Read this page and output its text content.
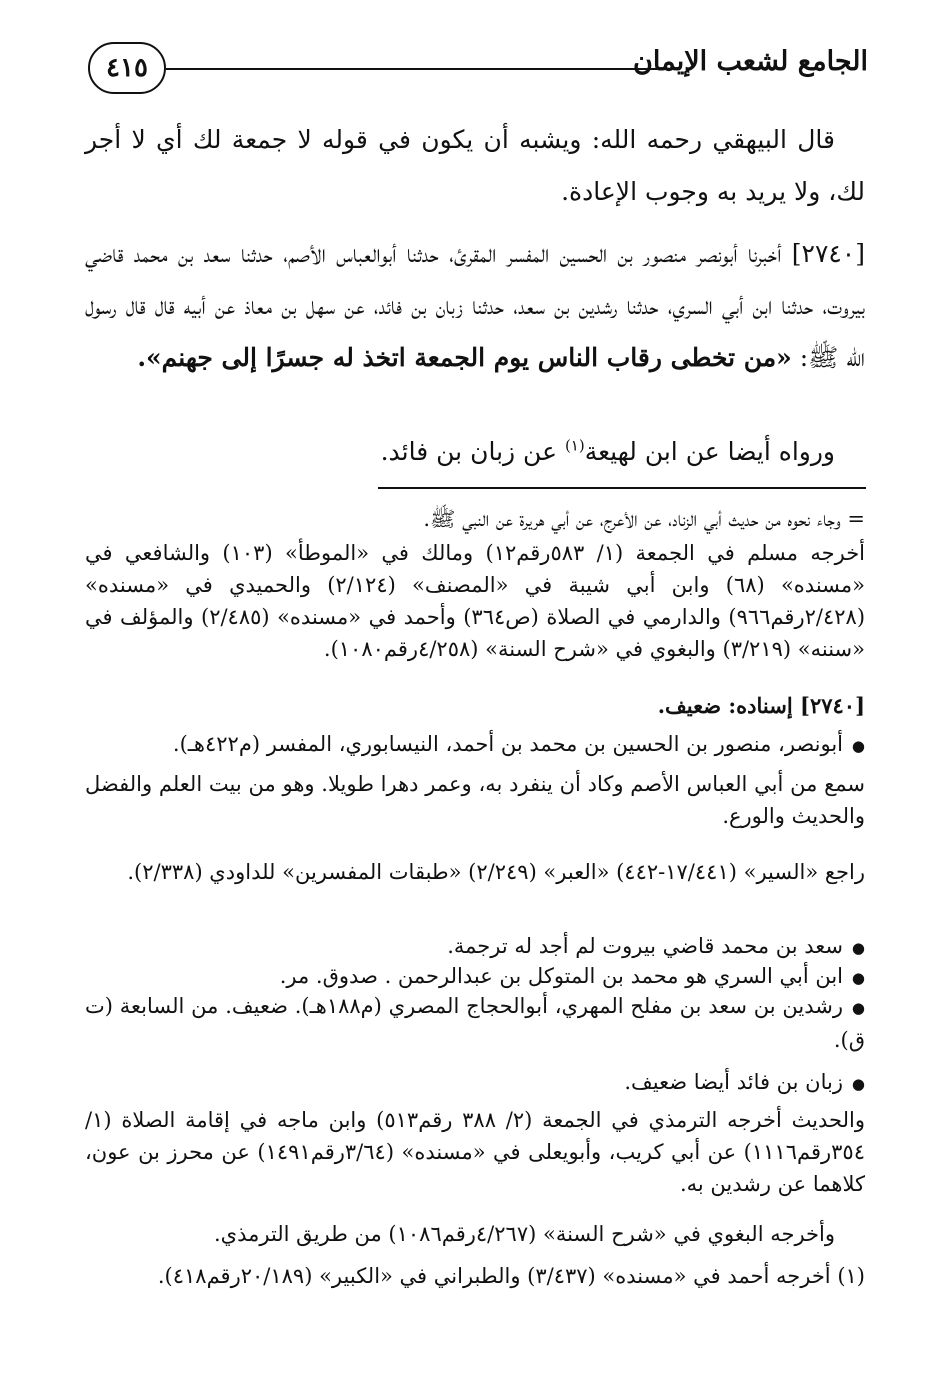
٤١٥	الجامع لشعب الإيمان

قال البيهقي رحمه الله: ويشبه أن يكون في قوله لا جمعة لك أي لا أجر لك، ولا يريد به وجوب الإعادة.

[٢٧٤٠] أخبرنا أبونصر منصور بن الحسين المفسر المقرئ، حدثنا أبوالعباس الأصم، حدثنا سعد بن محمد قاضي بيروت، حدثنا ابن أبي السري، حدثنا رشدين بن سعد، حدثنا زبان بن فائد، عن سهل بن معاذ عن أبيه قال قال رسول الله ﷺ: «من تخطى رقاب الناس يوم الجمعة اتخذ له جسرًا إلى جهنم».

ورواه أيضا عن ابن لهيعة$^{(١)}$ عن زبان بن فائد.

= وجاء نحوه من حديث أبي الزناد، عن الأعرج، عن أبي هريرة عن النبي ﷺ.

أخرجه مسلم في الجمعة (١/ ٥٨٣رقم١٢) ومالك في «الموطأ» (١٠٣) والشافعي في «مسنده» (٦٨) وابن أبي شيبة في «المصنف» (٢/١٢٤) والحميدي في «مسنده» (٢/٤٢٨رقم٩٦٦) والدارمي في الصلاة (ص٣٦٤) وأحمد في «مسنده» (٢/٤٨٥) والمؤلف في «سننه» (٣/٢١٩) والبغوي في «شرح السنة» (٤/٢٥٨رقم١٠٨٠).

[٢٧٤٠] إسناده: ضعيف.

● أبونصر، منصور بن الحسين بن محمد بن أحمد، النيسابوري، المفسر (م٤٢٢هـ).

سمع من أبي العباس الأصم وكاد أن ينفرد به، وعمر دهرا طويلا. وهو من بيت العلم والفضل والحديث والورع.

راجع «السير» (١٧/٤٤١-٤٤٢) «العبر» (٢/٢٤٩) «طبقات المفسرين» للداودي (٢/٣٣٨).

● سعد بن محمد قاضي بيروت لم أجد له ترجمة.

● ابن أبي السري هو محمد بن المتوكل بن عبدالرحمن . صدوق. مر.

● رشدين بن سعد بن مفلح المهري، أبوالحجاج المصري (م١٨٨هـ). ضعيف. من السابعة (ت ق).

● زبان بن فائد أيضا ضعيف.

والحديث أخرجه الترمذي في الجمعة (٢/ ٣٨٨ رقم٥١٣) وابن ماجه في إقامة الصلاة (١/ ٣٥٤رقم١١١٦) عن أبي كريب، وأبويعلى في «مسنده» (٣/٦٤رقم١٤٩١) عن محرز بن عون، كلاهما عن رشدين به.

وأخرجه البغوي في «شرح السنة» (٤/٢٦٧رقم١٠٨٦) من طريق الترمذي.

(١) أخرجه أحمد في «مسنده» (٣/٤٣٧) والطبراني في «الكبير» (٢٠/١٨٩رقم٤١٨).
